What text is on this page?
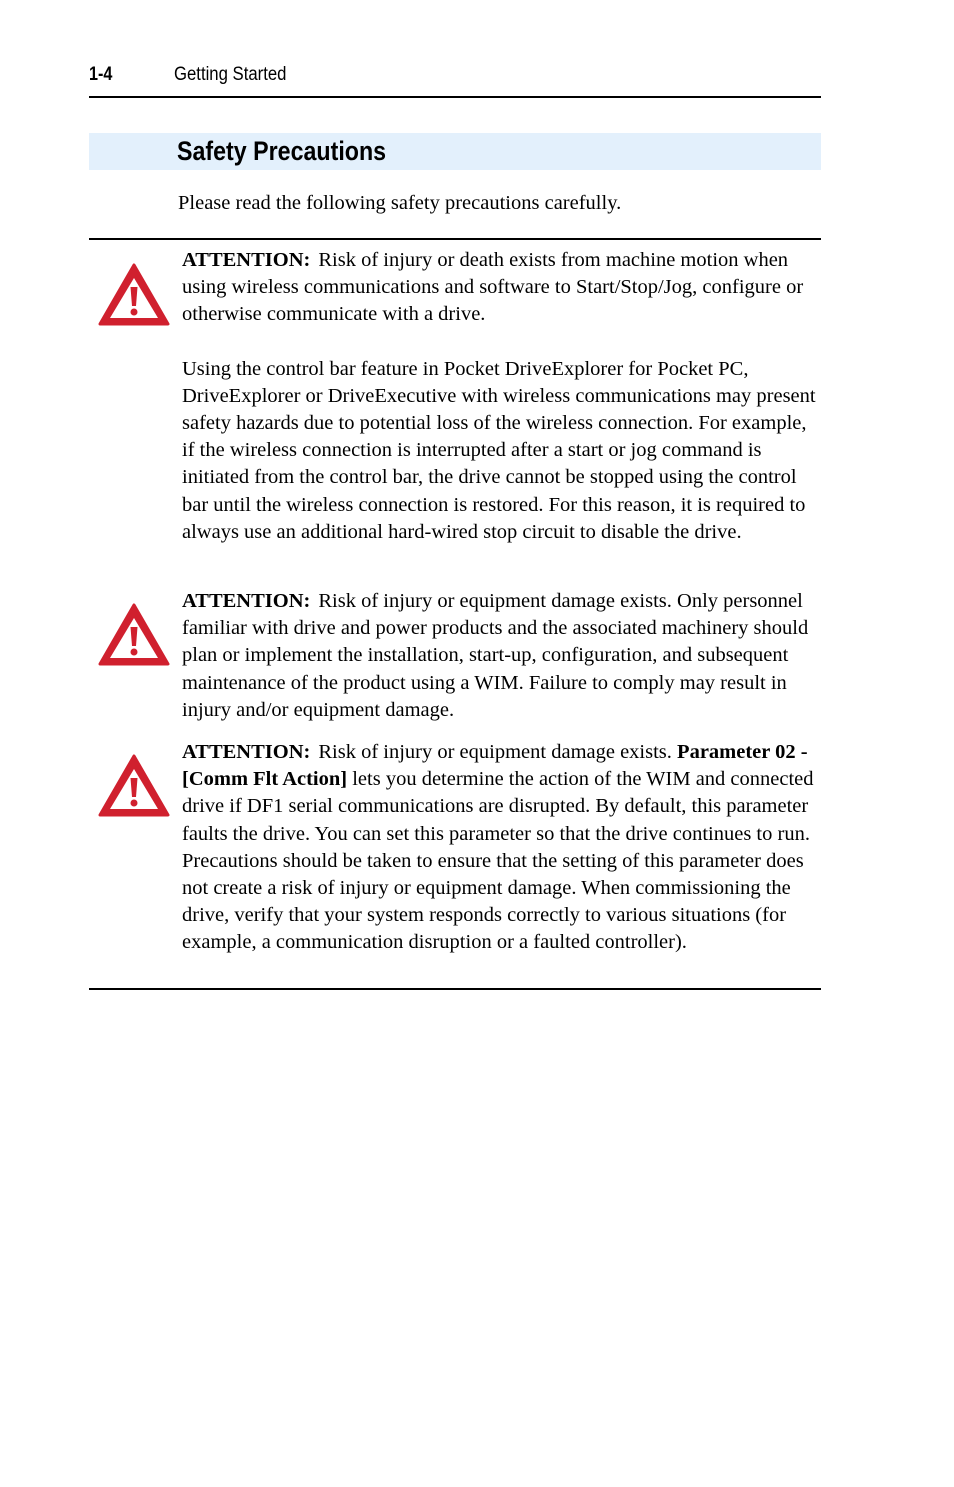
1-4	Getting Started
Safety Precautions
Please read the following safety precautions carefully.

ATTENTION: Risk of injury or death exists from machine motion when using wireless communications and software to Start/Stop/Jog, configure or otherwise communicate with a drive.

Using the control bar feature in Pocket DriveExplorer for Pocket PC, DriveExplorer or DriveExecutive with wireless communications may present safety hazards due to potential loss of the wireless connection. For example, if the wireless connection is interrupted after a start or jog command is initiated from the control bar, the drive cannot be stopped using the control bar until the wireless connection is restored. For this reason, it is required to always use an additional hard-wired stop circuit to disable the drive.

ATTENTION: Risk of injury or equipment damage exists. Only personnel familiar with drive and power products and the associated machinery should plan or implement the installation, start-up, configuration, and subsequent maintenance of the product using a WIM. Failure to comply may result in injury and/or equipment damage.

ATTENTION: Risk of injury or equipment damage exists. Parameter 02 - [Comm Flt Action] lets you determine the action of the WIM and connected drive if DF1 serial communications are disrupted. By default, this parameter faults the drive. You can set this parameter so that the drive continues to run. Precautions should be taken to ensure that the setting of this parameter does not create a risk of injury or equipment damage. When commissioning the drive, verify that your system responds correctly to various situations (for example, a communication disruption or a faulted controller).
